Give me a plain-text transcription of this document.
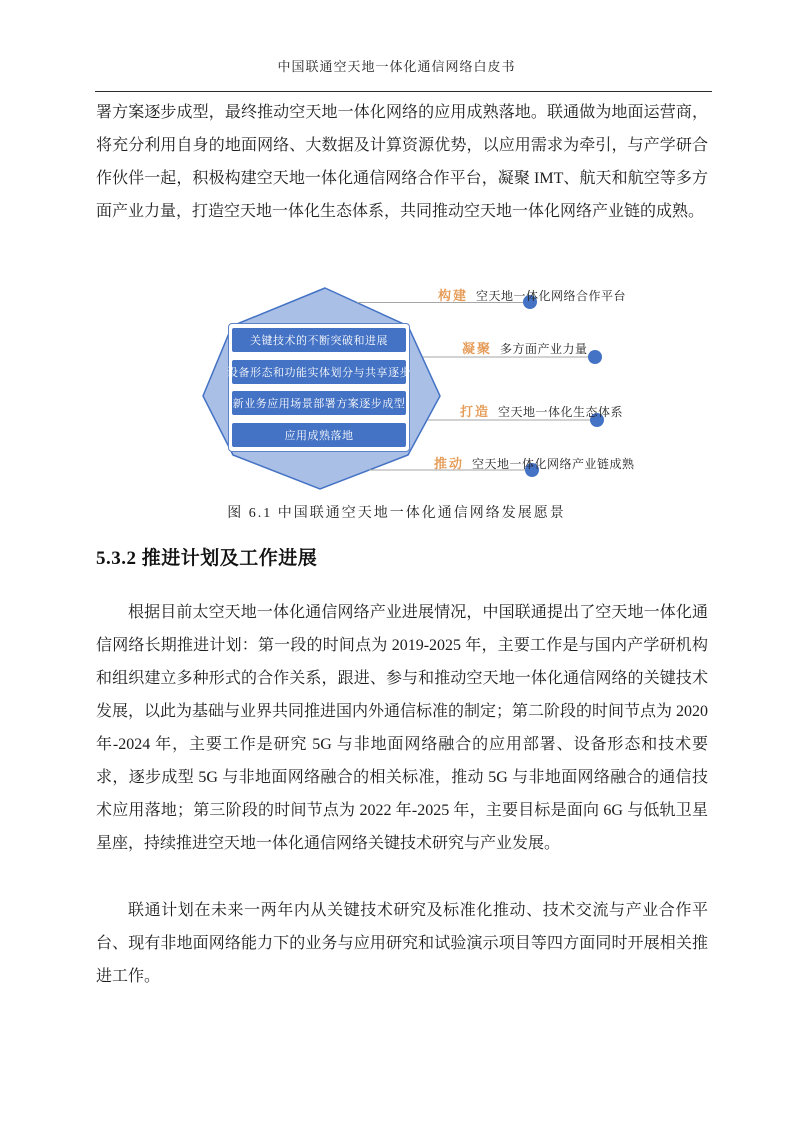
中国联通空天地一体化通信网络白皮书

署方案逐步成型，最终推动空天地一体化网络的应用成熟落地。联通做为地面运营商，将充分利用自身的地面网络、大数据及计算资源优势，以应用需求为牵引，与产学研合作伙伴一起，积极构建空天地一体化通信网络合作平台，凝聚 IMT、航天和航空等多方面产业力量，打造空天地一体化生态体系，共同推动空天地一体化网络产业链的成熟。

关键技术的不断突破和进展
设备形态和功能实体划分与共享逐步
新业务应用场景部署方案逐步成型
应用成熟落地
构建 空天地一体化网络合作平台
凝聚 多方面产业力量
打造 空天地一体化生态体系
推动 空天地一体化网络产业链成熟
图 6.1 中国联通空天地一体化通信网络发展愿景
5.3.2 推进计划及工作进展

根据目前太空天地一体化通信网络产业进展情况，中国联通提出了空天地一体化通信网络长期推进计划：第一段的时间点为 2019-2025 年，主要工作是与国内产学研机构和组织建立多种形式的合作关系，跟进、参与和推动空天地一体化通信网络的关键技术发展，以此为基础与业界共同推进国内外通信标准的制定；第二阶段的时间节点为 2020 年-2024 年，主要工作是研究 5G 与非地面网络融合的应用部署、设备形态和技术要求，逐步成型 5G 与非地面网络融合的相关标准，推动 5G 与非地面网络融合的通信技术应用落地；第三阶段的时间节点为 2022 年-2025 年，主要目标是面向 6G 与低轨卫星星座，持续推进空天地一体化通信网络关键技术研究与产业发展。

联通计划在未来一两年内从关键技术研究及标准化推动、技术交流与产业合作平台、现有非地面网络能力下的业务与应用研究和试验演示项目等四方面同时开展相关推进工作。
